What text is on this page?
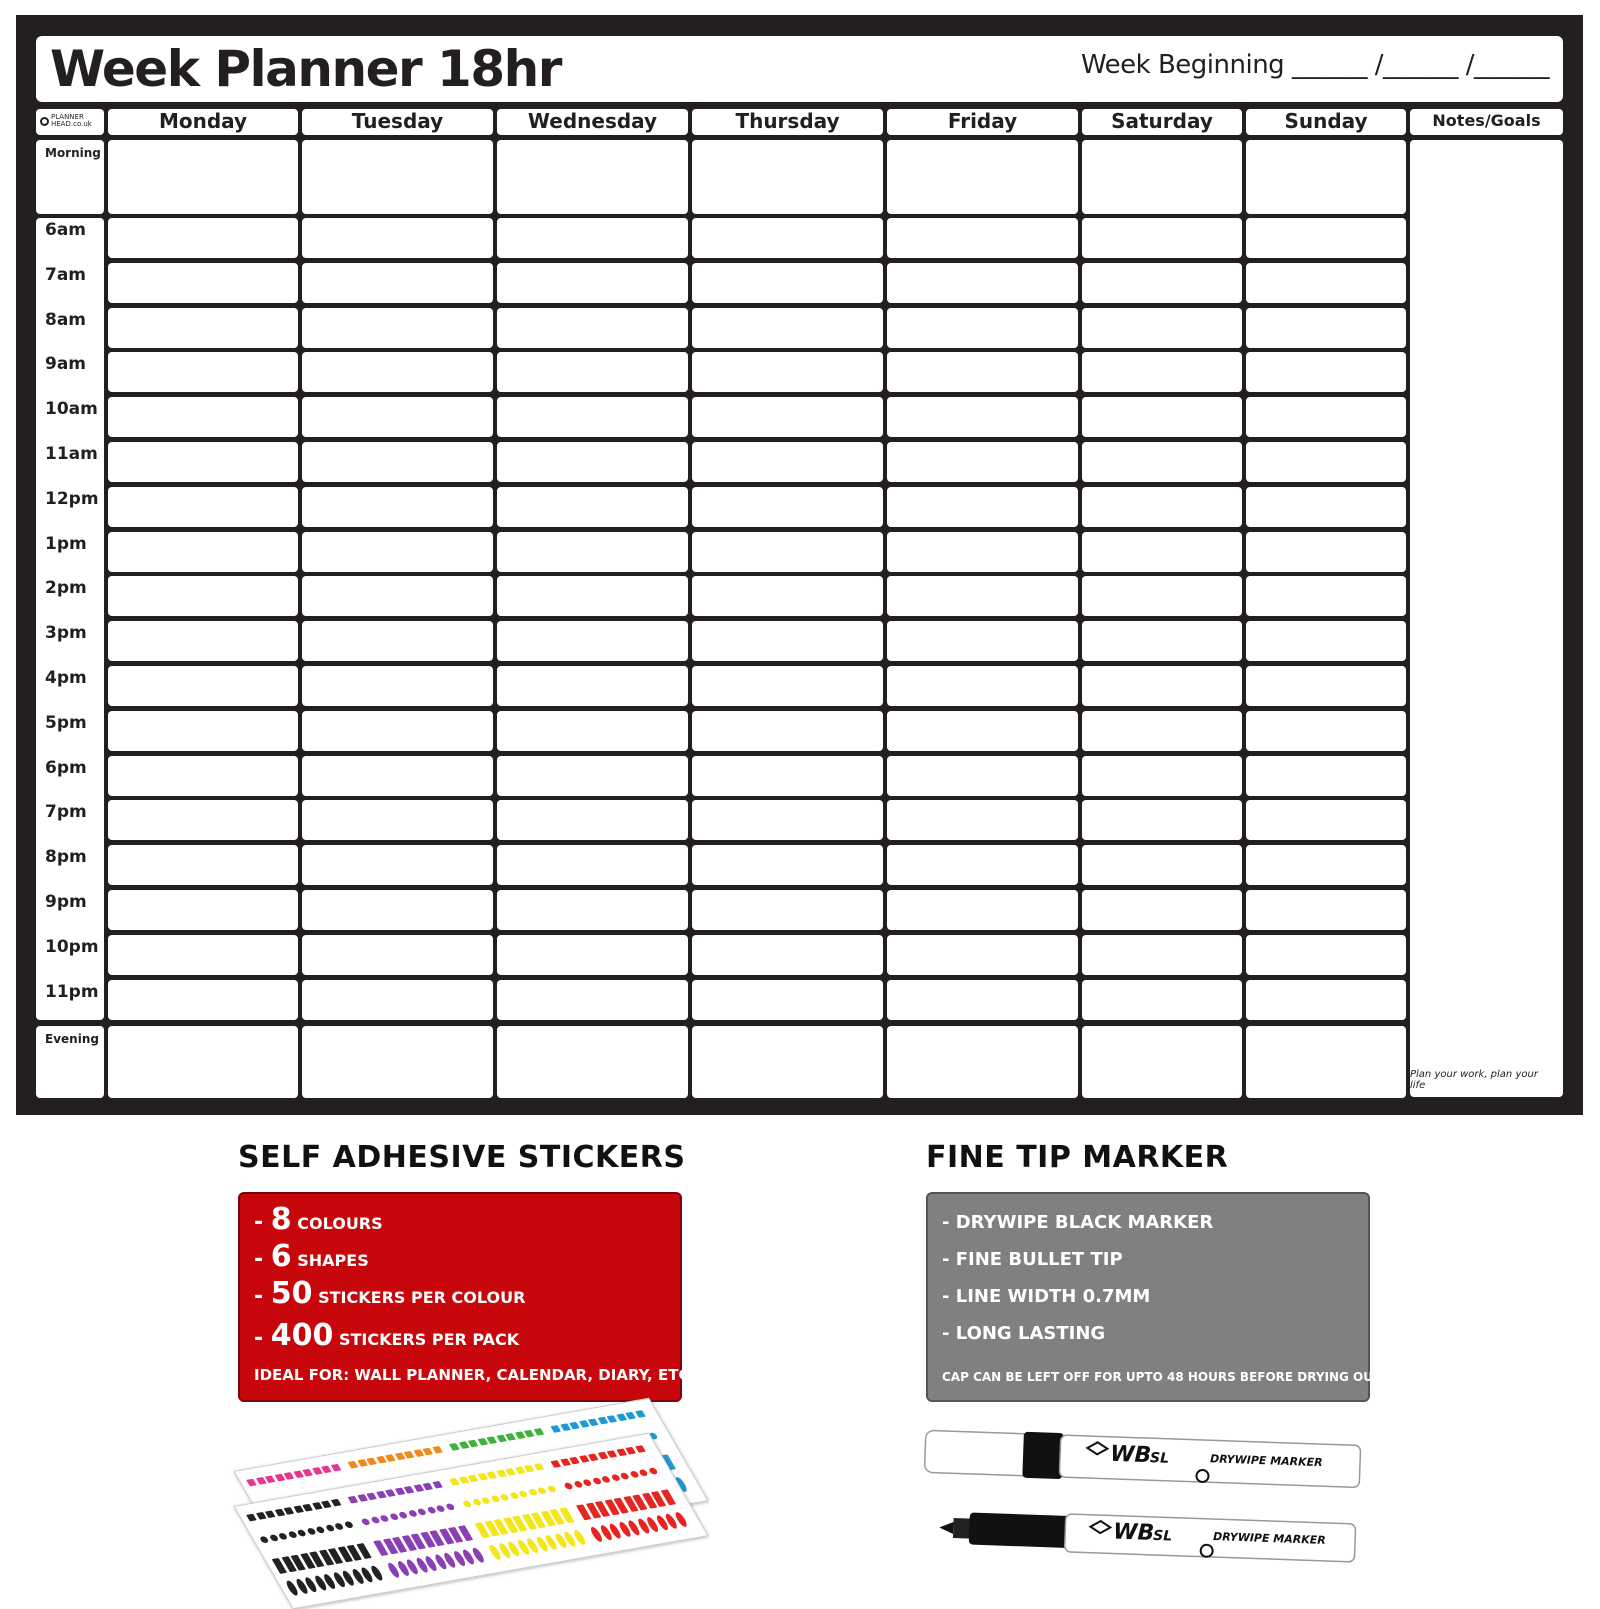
Week Planner 18hr	Week Beginning ______ /______ /______
PLANNER
HEAD.co.uk	Monday	Tuesday	Wednesday	Thursday	Friday	Saturday	Sunday	Notes/Goals
Morning
Plan your work, plan your life
6am
7am
8am
9am
10am
11am
12pm
1pm
2pm
3pm
4pm
5pm
6pm
7pm
8pm
9pm
10pm
11pm
Evening
SELF ADHESIVE STICKERS
- 8 COLOURS
- 6 SHAPES
- 50 STICKERS PER COLOUR
- 400 STICKERS PER PACK
IDEAL FOR: WALL PLANNER, CALENDAR, DIARY, ETC
FINE TIP MARKER
- DRYWIPE BLACK MARKER
- FINE BULLET TIP
- LINE WIDTH 0.7MM
- LONG LASTING
CAP CAN BE LEFT OFF FOR UPTO 48 HOURS BEFORE DRYING OUT
WB
SL	DRYWIPE MARKER
WB
SL	DRYWIPE MARKER
